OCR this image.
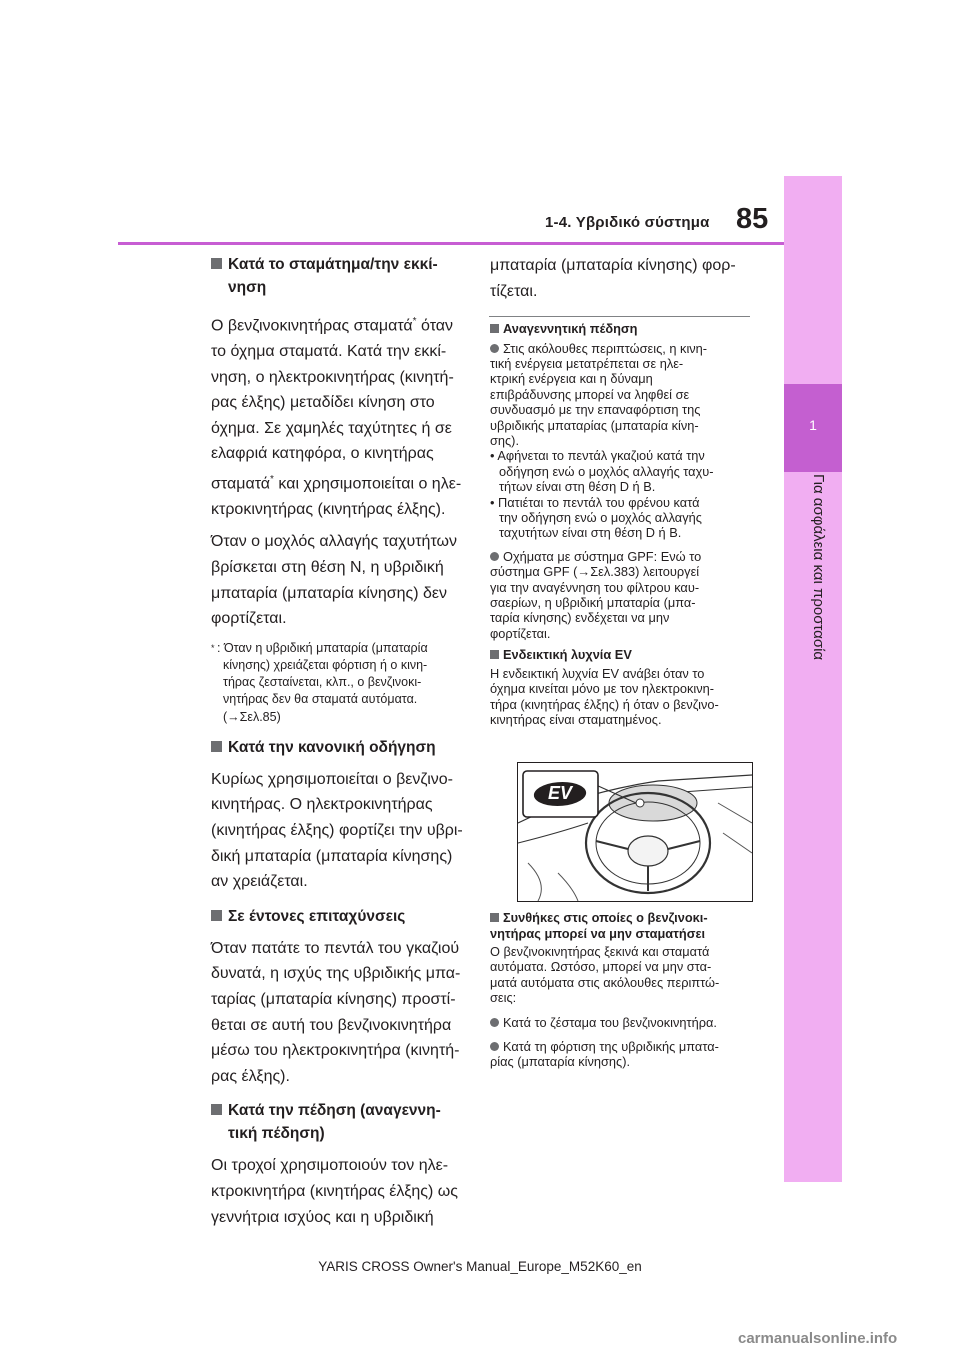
1-4. Υβριδικό σύστημα 85
1
Για ασφάλεια και προστασία
Κατά το σταμάτημα/την εκκί-
νηση
Ο βενζινοκινητήρας σταματά* όταν
το όχημα σταματά. Κατά την εκκί-
νηση, ο ηλεκτροκινητήρας (κινητή-
ρας έλξης) μεταδίδει κίνηση στο
όχημα. Σε χαμηλές ταχύτητες ή σε
ελαφριά κατηφόρα, ο κινητήρας
σταματά* και χρησιμοποιείται ο ηλε-
κτροκινητήρας (κινητήρας έλξης).
Όταν ο μοχλός αλλαγής ταχυτήτων
βρίσκεται στη θέση N, η υβριδική
μπαταρία (μπαταρία κίνησης) δεν
φορτίζεται.
* : Όταν η υβριδική μπαταρία (μπαταρία
κίνησης) χρειάζεται φόρτιση ή ο κινη-
τήρας ζεσταίνεται, κλπ., ο βενζινοκι-
νητήρας δεν θα σταματά αυτόματα.
(→Σελ.85)
Κατά την κανονική οδήγηση
Κυρίως χρησιμοποιείται ο βενζινο-
κινητήρας. Ο ηλεκτροκινητήρας
(κινητήρας έλξης) φορτίζει την υβρι-
δική μπαταρία (μπαταρία κίνησης)
αν χρειάζεται.
Σε έντονες επιταχύνσεις
Όταν πατάτε το πεντάλ του γκαζιού
δυνατά, η ισχύς της υβριδικής μπα-
ταρίας (μπαταρία κίνησης) προστί-
θεται σε αυτή του βενζινοκινητήρα
μέσω του ηλεκτροκινητήρα (κινητή-
ρας έλξης).
Κατά την πέδηση (αναγεννη-
τική πέδηση)
Οι τροχοί χρησιμοποιούν τον ηλε-
κτροκινητήρα (κινητήρας έλξης) ως
γεννήτρια ισχύος και η υβριδική
μπαταρία (μπαταρία κίνησης) φορ-
τίζεται.
Αναγεννητική πέδηση
Στις ακόλουθες περιπτώσεις, η κινη-
τική ενέργεια μετατρέπεται σε ηλε-
κτρική ενέργεια και η δύναμη
επιβράδυνσης μπορεί να ληφθεί σε
συνδυασμό με την επαναφόρτιση της
υβριδικής μπαταρίας (μπαταρία κίνη-
σης).
• Αφήνεται το πεντάλ γκαζιού κατά την
οδήγηση ενώ ο μοχλός αλλαγής ταχυ-
τήτων είναι στη θέση D ή B.
• Πατιέται το πεντάλ του φρένου κατά
την οδήγηση ενώ ο μοχλός αλλαγής
ταχυτήτων είναι στη θέση D ή B.
Οχήματα με σύστημα GPF: Ενώ το
σύστημα GPF (→Σελ.383) λειτουργεί
για την αναγέννηση του φίλτρου καυ-
σαερίων, η υβριδική μπαταρία (μπα-
ταρία κίνησης) ενδέχεται να μην
φορτίζεται.
Ενδεικτική λυχνία EV
Η ενδεικτική λυχνία EV ανάβει όταν το
όχημα κινείται μόνο με τον ηλεκτροκινη-
τήρα (κινητήρας έλξης) ή όταν ο βενζινο-
κινητήρας είναι σταματημένος.
EV
Συνθήκες στις οποίες ο βενζινοκι-
νητήρας μπορεί να μην σταματήσει
Ο βενζινοκινητήρας ξεκινά και σταματά
αυτόματα. Ωστόσο, μπορεί να μην στα-
ματά αυτόματα στις ακόλουθες περιπτώ-
σεις:
Κατά το ζέσταμα του βενζινοκινητήρα.
Κατά τη φόρτιση της υβριδικής μπατα-
ρίας (μπαταρία κίνησης).
YARIS CROSS Owner's Manual_Europe_M52K60_en
carmanualsonline.info
